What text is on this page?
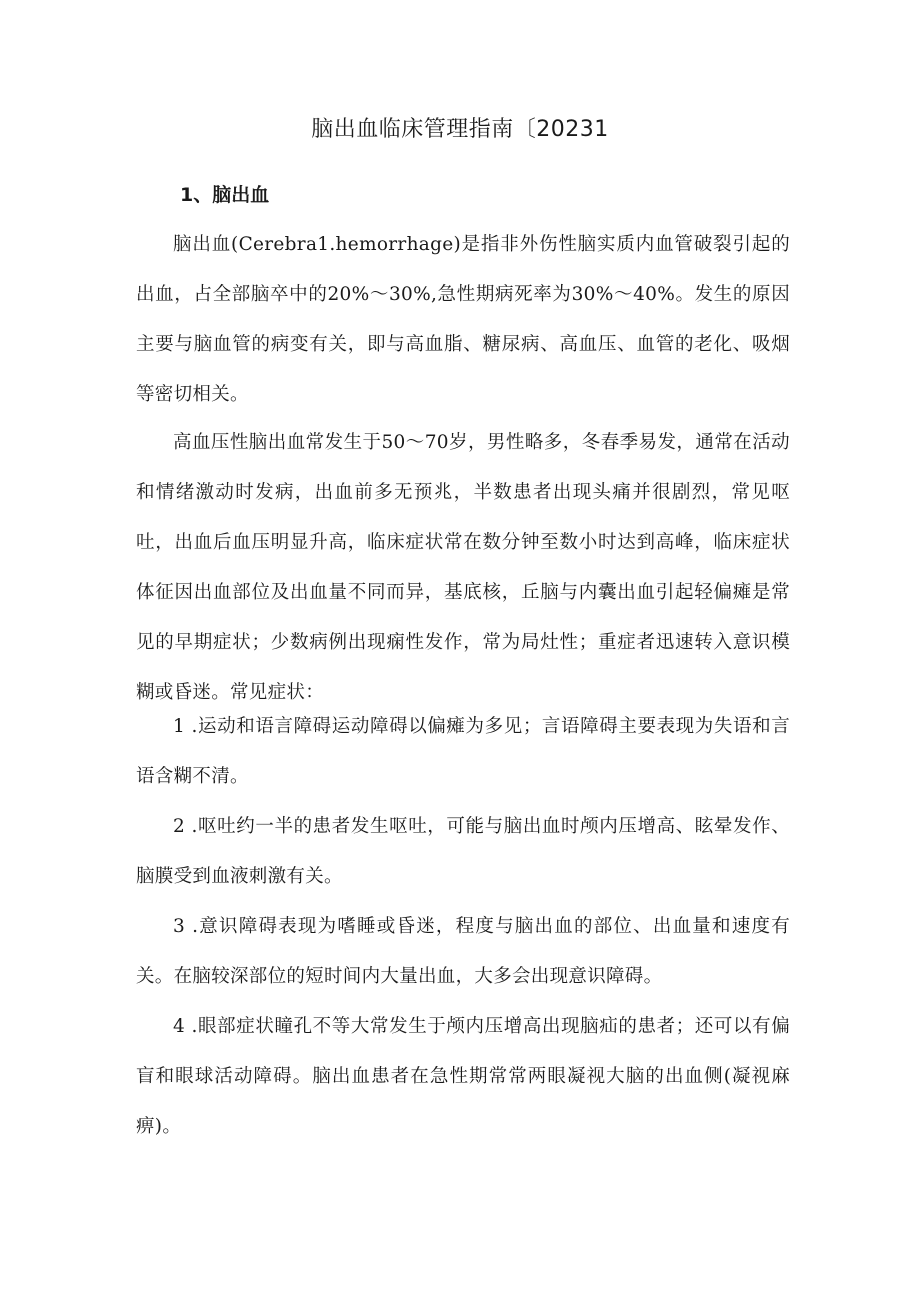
脑出血临床管理指南〔20231
1、脑出血

脑出血(Cerebra1.hemorrhage)是指非外伤性脑实质内血管破裂引起的出血，占全部脑卒中的20%～30%,急性期病死率为30%～40%。发生的原因主要与脑血管的病变有关，即与高血脂、糖尿病、高血压、血管的老化、吸烟等密切相关。

高血压性脑出血常发生于50～70岁，男性略多，冬春季易发，通常在活动和情绪激动时发病，出血前多无预兆，半数患者出现头痛并很剧烈，常见呕吐，出血后血压明显升高，临床症状常在数分钟至数小时达到高峰，临床症状体征因出血部位及出血量不同而异，基底核，丘脑与内囊出血引起轻偏瘫是常见的早期症状；少数病例出现痫性发作，常为局灶性；重症者迅速转入意识模糊或昏迷。常见症状：

1 .运动和语言障碍运动障碍以偏瘫为多见；言语障碍主要表现为失语和言语含糊不清。

2 .呕吐约一半的患者发生呕吐，可能与脑出血时颅内压增高、眩晕发作、脑膜受到血液刺激有关。

3 .意识障碍表现为嗜睡或昏迷，程度与脑出血的部位、出血量和速度有关。在脑较深部位的短时间内大量出血，大多会出现意识障碍。

4 .眼部症状瞳孔不等大常发生于颅内压增高出现脑疝的患者；还可以有偏盲和眼球活动障碍。脑出血患者在急性期常常两眼凝视大脑的出血侧(凝视麻痹)。
